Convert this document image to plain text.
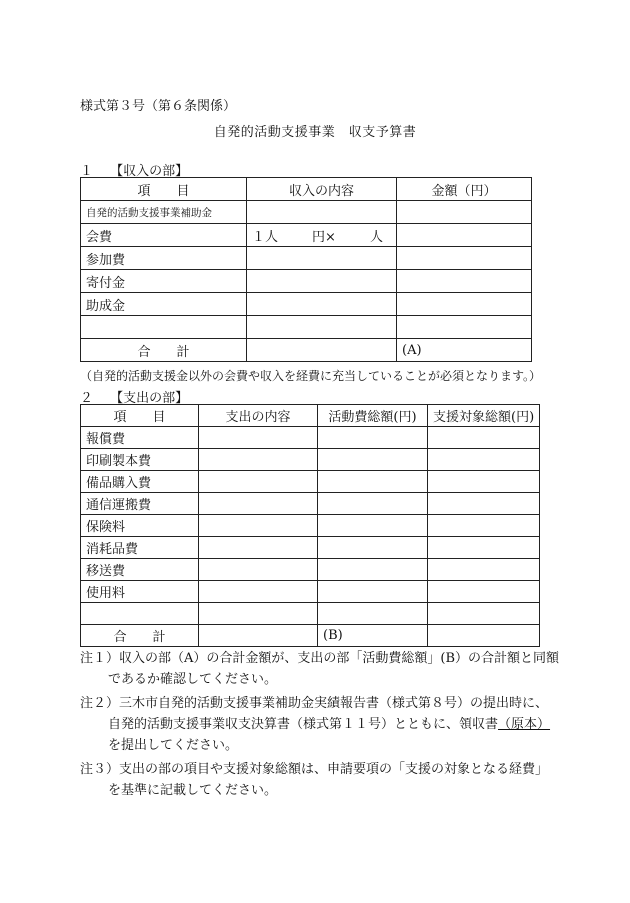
様式第３号（第６条関係）
自発的活動支援事業　収支予算書
１　 【収入の部】
項　　目	収入の内容	金額（円）
自発的活動支援事業補助金		
会費	１人 円× 人	

参加費		
寄付金		
助成金		

合　　計		(A)
（自発的活動支援金以外の会費や収入を経費に充当していることが必須となります。）
２　 【支出の部】
項　　目	支出の内容	活動費総額(円)	支援対象総額(円)
報償費			
印刷製本費			
備品購入費			
通信運搬費			
保険料			
消耗品費			
移送費			
使用料			

合　　計		(B)	
注１）収入の部（A）の合計金額が、支出の部「活動費総額」(B）の合計額と同額であるか確認してください。
注２）三木市自発的活動支援事業補助金実績報告書（様式第８号）の提出時に、自発的活動支援事業収支決算書（様式第１１号）とともに、領収書（原本）を提出してください。
注３）支出の部の項目や支援対象総額は、申請要項の「支援の対象となる経費」を基準に記載してください。
